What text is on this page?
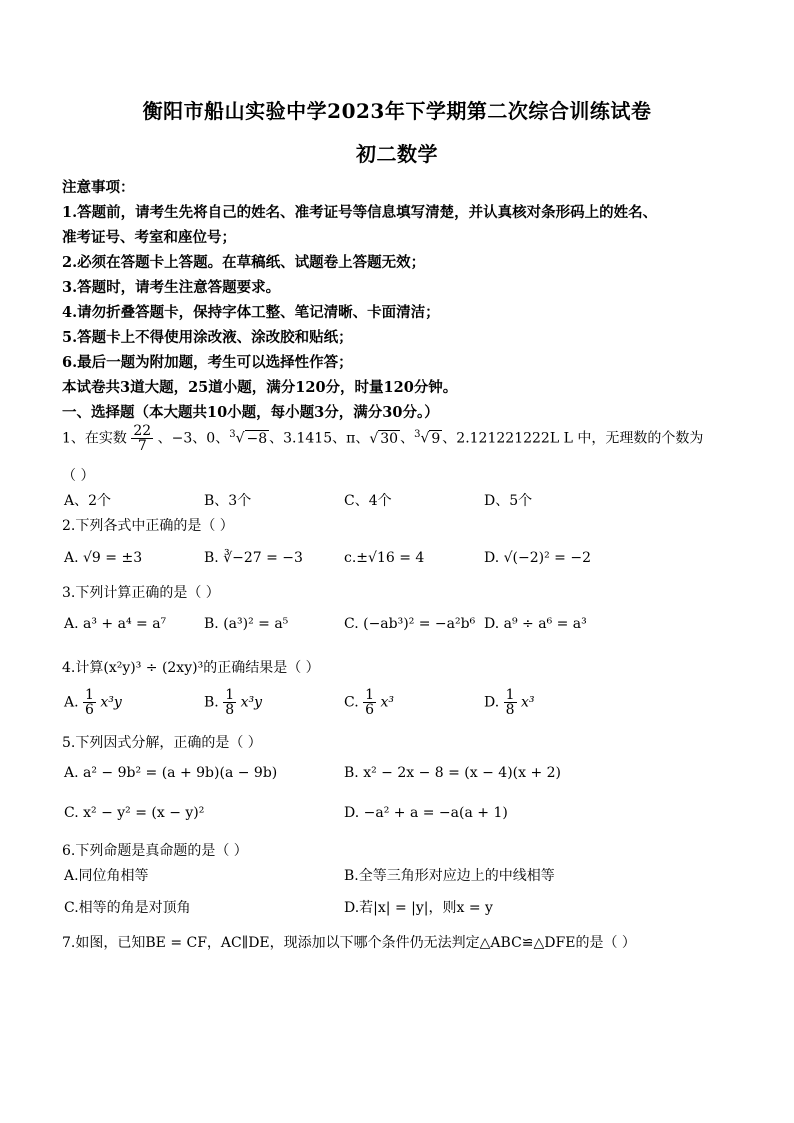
衡阳市船山实验中学2023年下学期第二次综合训练试卷
初二数学
注意事项：
1.答题前，请考生先将自己的姓名、准考证号等信息填写清楚，并认真核对条形码上的姓名、
准考证号、考室和座位号；
2.必须在答题卡上答题。在草稿纸、试题卷上答题无效；
3.答题时，请考生注意答题要求。
4.请勿折叠答题卡，保持字体工整、笔记清晰、卡面清洁；
5.答题卡上不得使用涂改液、涂改胶和贴纸；
6.最后一题为附加题，考生可以选择性作答；
本试卷共3道大题，25道小题，满分120分，时量120分钟。
一、选择题（本大题共10小题，每小题3分，满分30分。）
1、在实数 $\frac{22}{7}$ 、−3、0、$^3$√ −8 、3.1415、π、√ 30 、$^3$√ 9 、2.121221222L L 中，无理数的个数为
（ ）
A、2个	B、3个	C、4个	D、5个
2.下列各式中正确的是（ ）
A. √9 = ±3	B. ∛−27 = −3	c.±√16 = 4	D. √(−2)² = −2
3.下列计算正确的是（ ）
A. a³ + a⁴ = a⁷	B. (a³)² = a⁵	C. (−ab³)² = −a²b⁶ D. a⁹ ÷ a⁶ = a³
4.计算(x²y)³ ÷ (2xy)³的正确结果是（ ）
A. $\frac{1}{6} x^3y$	B. $\frac{1}{8} x^3y$	C. $\frac{1}{6} x^3$	D. $\frac{1}{8} x^3$
5.下列因式分解，正确的是（ ）
A. a² − 9b² = (a + 9b)(a − 9b)	B. x² − 2x − 8 = (x − 4)(x + 2)
C. x² − y² = (x − y)²	D. −a² + a = −a(a + 1)
6.下列命题是真命题的是（ ）
A.同位角相等	B.全等三角形对应边上的中线相等
C.相等的角是对顶角	D.若|x| = |y|，则x = y
7.如图，已知BE = CF，AC∥DE，现添加以下哪个条件仍无法判定△ABC≌△DFE的是（ ）
